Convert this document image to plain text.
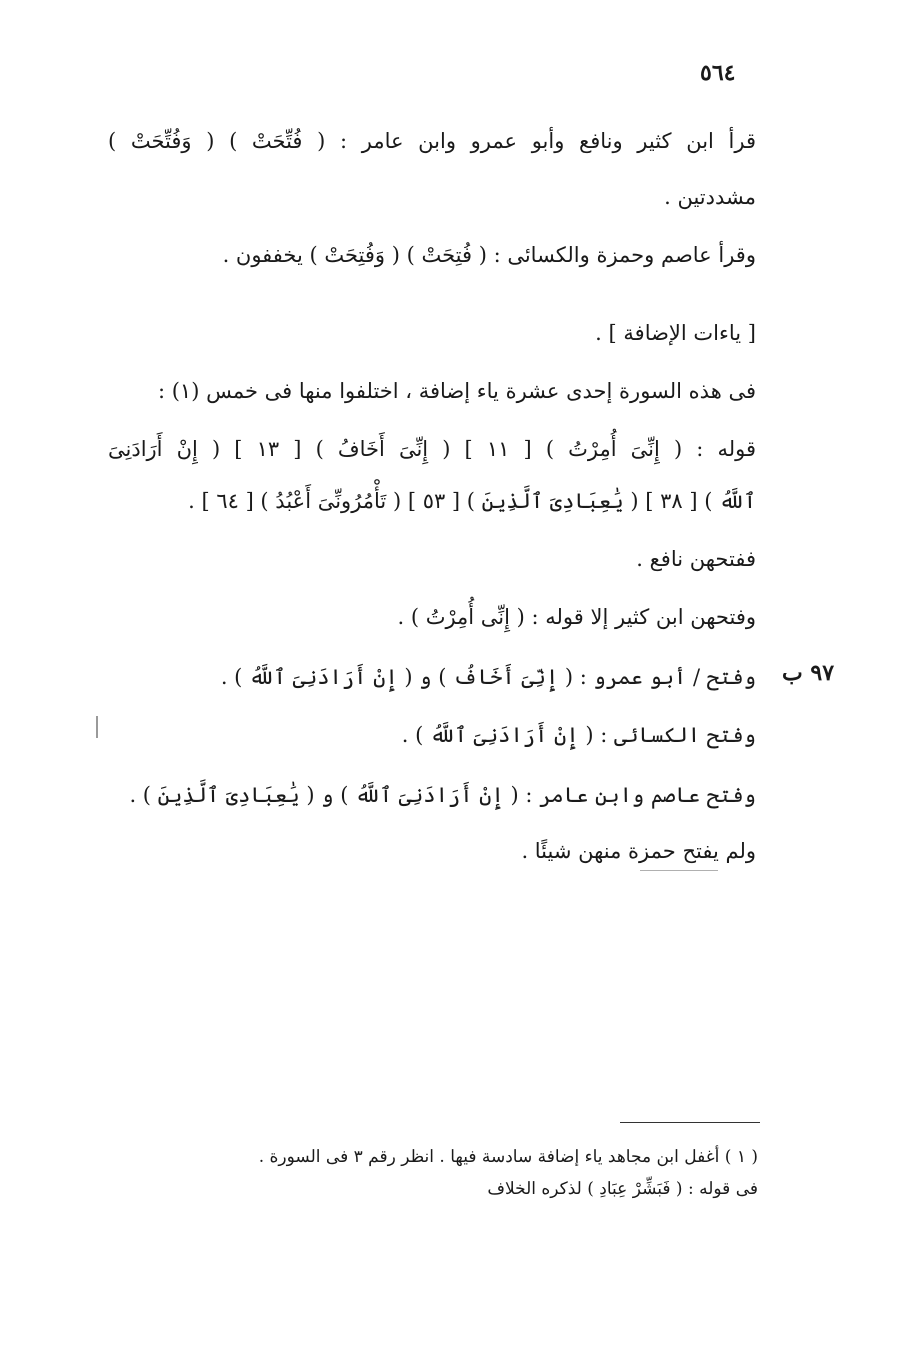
٥٦٤
قرأ ابن كثير ونافع وأبو عمرو وابن عامر : ( فُتِّحَتْ ) ( وَفُتِّحَتْ )
مشددتين .
وقرأ عاصم وحمزة والكسائى : ( فُتِحَتْ ) ( وَفُتِحَتْ ) يخففون .
[ ياءات الإضافة ] .
فى هذه السورة إحدى عشرة ياء إضافة ، اختلفوا منها فى خمس (١) :
قوله : ( إِنِّىَ أُمِرْتُ ) [ ١١ ] ( إِنِّىَ أَخَافُ ) [ ١٣ ] ( إِنْ أَرَادَنِىَ
ٱللَّهُ ) [ ٣٨ ] ( يَٰعِبَادِىَ ٱلَّذِينَ ) [ ٥٣ ] ( تَأْمُرُونِّىَ أَعْبُدُ ) [ ٦٤ ] .
ففتحهن نافع .
وفتحهن ابن كثير إلا قوله : ( إِنِّى أُمِرْتُ ) .
٩٧ ب
وفتح / أبو عمرو : ( إِنِّىَ أَخَافُ ) و ( إِنْ أَرَادَنِىَ ٱللَّهُ ) .
وفتح الكسائى : ( إِنْ أَرَادَنِىَ ٱللَّهُ ) .
وفتح عاصم وابن عامر : ( إِنْ أَرَادَنِىَ ٱللَّهُ ) و ( يَٰعِبَادِىَ ٱلَّذِينَ ) .
ولم يفتح حمزة منهن شيئًا .
( ١ ) أغفل ابن مجاهد ياء إضافة سادسة فيها . انظر رقم ٣ فى السورة .
فى قوله : ( فَبَشِّرْ عِبَادِ ) لذكره الخلاف
